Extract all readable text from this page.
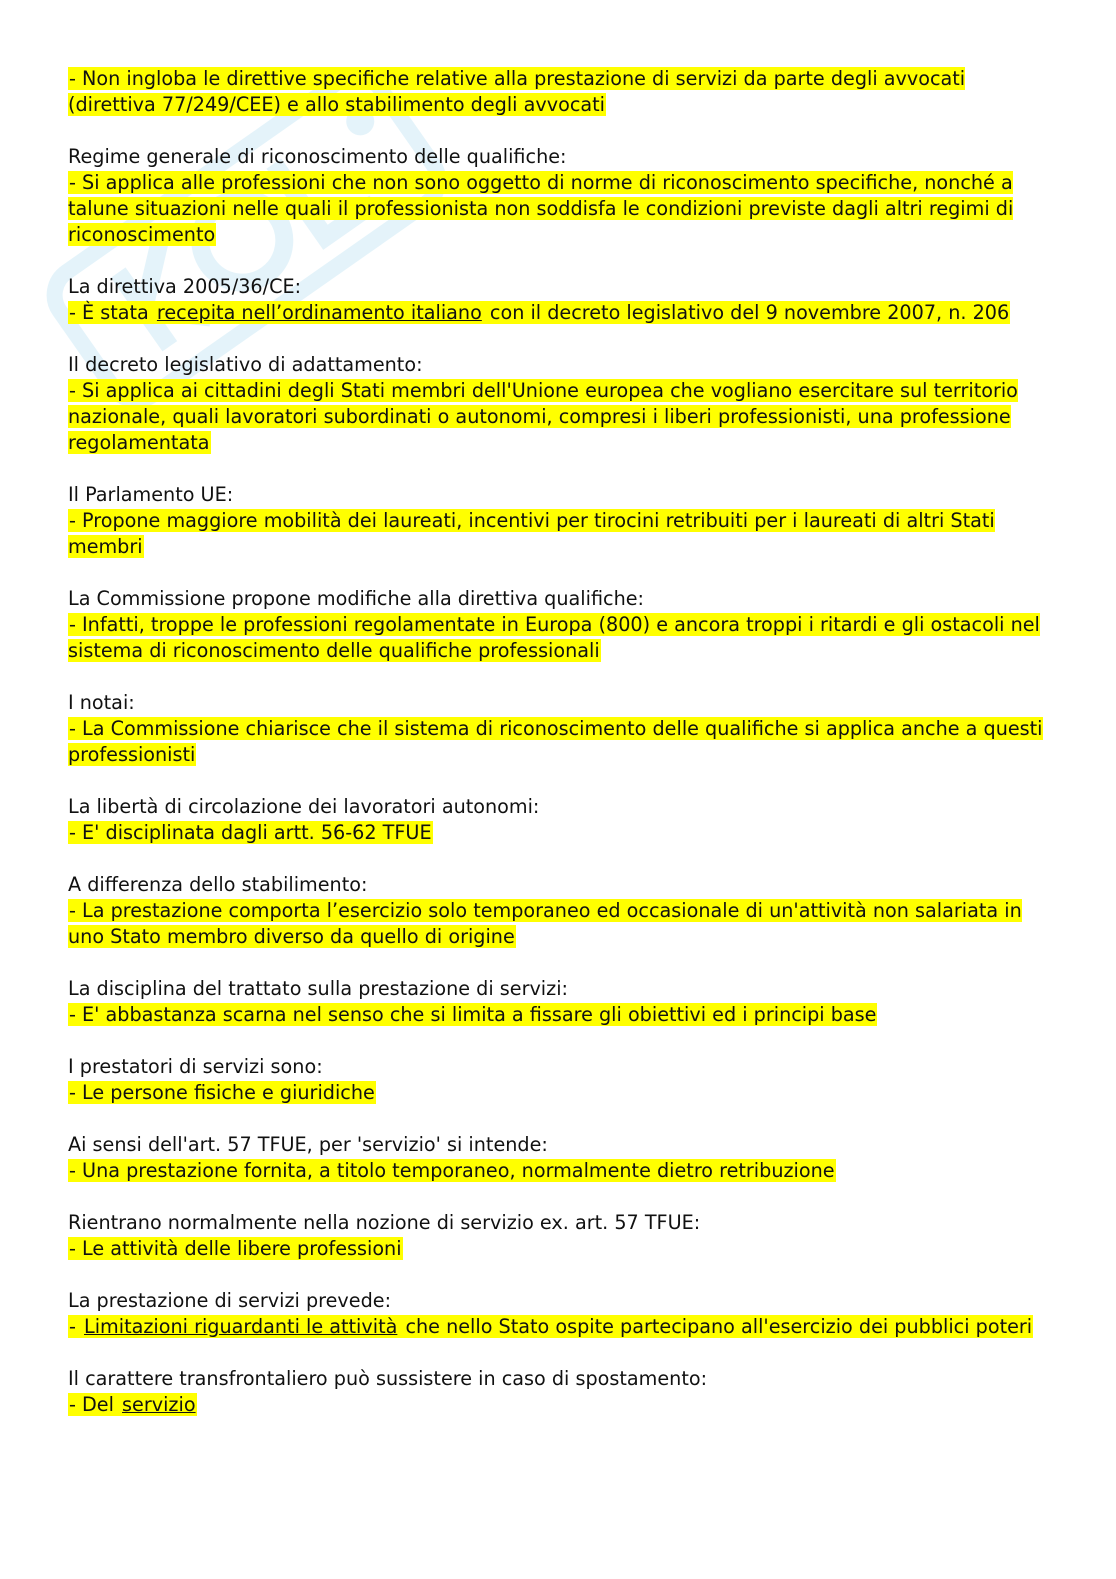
- Non ingloba le direttive specifiche relative alla prestazione di servizi da parte degli avvocati (direttiva 77/249/CEE) e allo stabilimento degli avvocati
Regime generale di riconoscimento delle qualifiche:
- Si applica alle professioni che non sono oggetto di norme di riconoscimento specifiche, nonché a talune situazioni nelle quali il professionista non soddisfa le condizioni previste dagli altri regimi di riconoscimento
La direttiva 2005/36/CE:
- È stata recepita nell’ordinamento italiano con il decreto legislativo del 9 novembre 2007, n. 206
Il decreto legislativo di adattamento:
- Si applica ai cittadini degli Stati membri dell'Unione europea che vogliano esercitare sul territorio nazionale, quali lavoratori subordinati o autonomi, compresi i liberi professionisti, una professione regolamentata
Il Parlamento UE:
- Propone maggiore mobilità dei laureati, incentivi per tirocini retribuiti per i laureati di altri Stati membri
La Commissione propone modifiche alla direttiva qualifiche:
- Infatti, troppe le professioni regolamentate in Europa (800) e ancora troppi i ritardi e gli ostacoli nel sistema di riconoscimento delle qualifiche professionali
I notai:
- La Commissione chiarisce che il sistema di riconoscimento delle qualifiche si applica anche a questi professionisti
La libertà di circolazione dei lavoratori autonomi:
- E' disciplinata dagli artt. 56-62 TFUE
A differenza dello stabilimento:
- La prestazione comporta l’esercizio solo temporaneo ed occasionale di un'attività non salariata in uno Stato membro diverso da quello di origine
La disciplina del trattato sulla prestazione di servizi:
- E' abbastanza scarna nel senso che si limita a fissare gli obiettivi ed i principi base
I prestatori di servizi sono:
- Le persone fisiche e giuridiche
Ai sensi dell'art. 57 TFUE, per 'servizio' si intende:
- Una prestazione fornita, a titolo temporaneo, normalmente dietro retribuzione
Rientrano normalmente nella nozione di servizio ex. art. 57 TFUE:
- Le attività delle libere professioni
La prestazione di servizi prevede:
- Limitazioni riguardanti le attività che nello Stato ospite partecipano all'esercizio dei pubblici poteri
Il carattere transfrontaliero può sussistere in caso di spostamento:
- Del servizio
